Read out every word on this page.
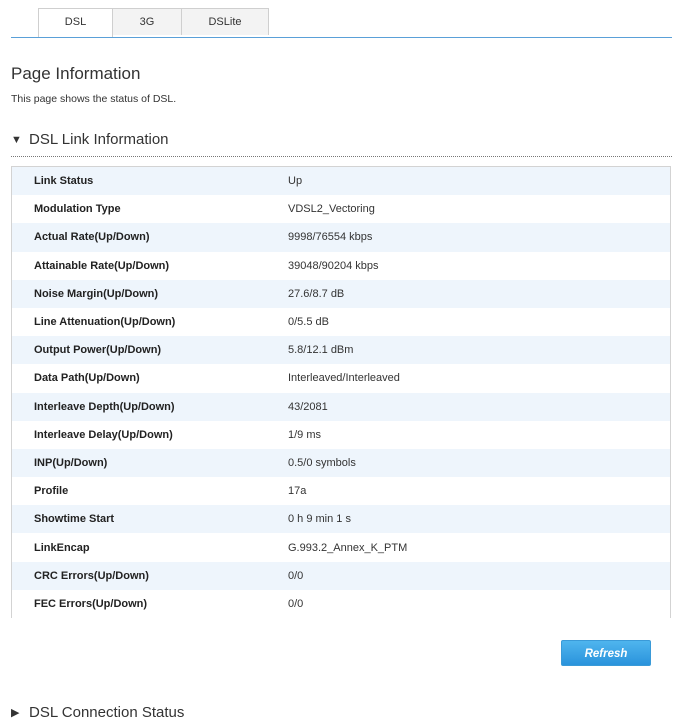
DSL	3G	DSLite
Page Information
This page shows the status of DSL.
▼ DSL Link Information
Link Status	Up
Modulation Type	VDSL2_Vectoring
Actual Rate(Up/Down)	9998/76554 kbps
Attainable Rate(Up/Down)	39048/90204 kbps
Noise Margin(Up/Down)	27.6/8.7 dB
Line Attenuation(Up/Down)	0/5.5 dB
Output Power(Up/Down)	5.8/12.1 dBm
Data Path(Up/Down)	Interleaved/Interleaved
Interleave Depth(Up/Down)	43/2081
Interleave Delay(Up/Down)	1/9 ms
INP(Up/Down)	0.5/0 symbols
Profile	17a
Showtime Start	0 h 9 min 1 s
LinkEncap	G.993.2_Annex_K_PTM
CRC Errors(Up/Down)	0/0
FEC Errors(Up/Down)	0/0
Refresh
▶ DSL Connection Status
